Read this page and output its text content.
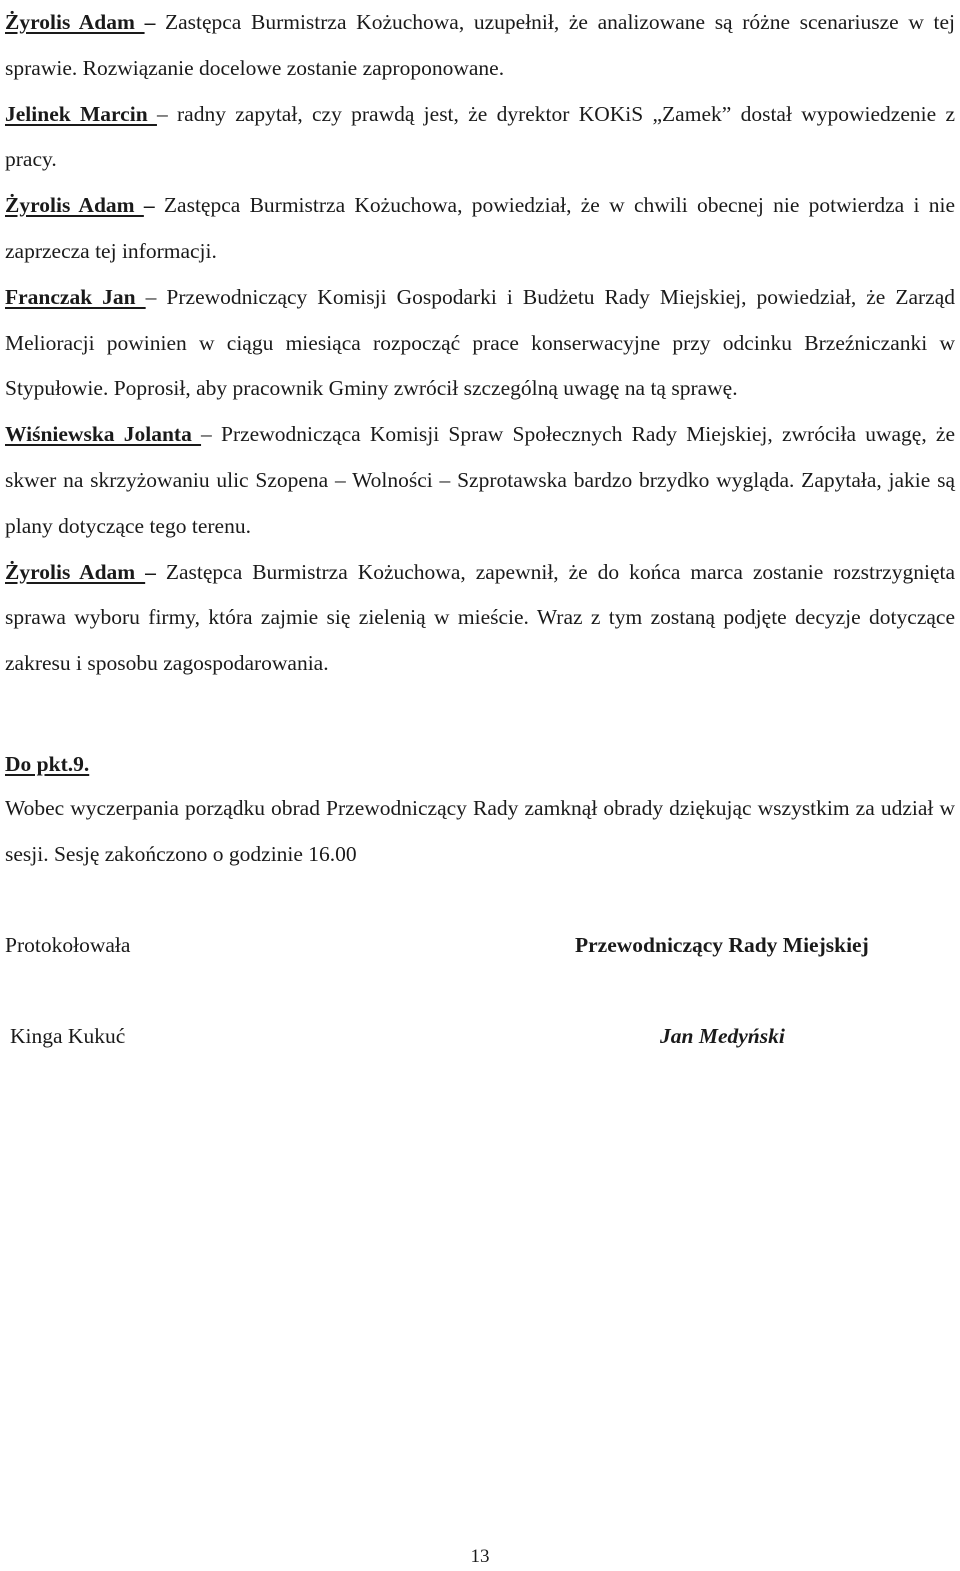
Żyrolis Adam – Zastępca Burmistrza Kożuchowa, uzupełnił, że analizowane są różne scenariusze w tej sprawie. Rozwiązanie docelowe zostanie zaproponowane.

Jelinek Marcin – radny zapytał, czy prawdą jest, że dyrektor KOKiS „Zamek” dostał wypowiedzenie z pracy.

Żyrolis Adam – Zastępca Burmistrza Kożuchowa, powiedział, że w chwili obecnej nie potwierdza i nie zaprzecza tej informacji.

Franczak Jan – Przewodniczący Komisji Gospodarki i Budżetu Rady Miejskiej, powiedział, że Zarząd Melioracji powinien w ciągu miesiąca rozpocząć prace konserwacyjne przy odcinku Brzeźniczanki w Stypułowie. Poprosił, aby pracownik Gminy zwrócił szczególną uwagę na tą sprawę.

Wiśniewska Jolanta – Przewodnicząca Komisji Spraw Społecznych Rady Miejskiej, zwróciła uwagę, że skwer na skrzyżowaniu ulic Szopena – Wolności – Szprotawska bardzo brzydko wygląda. Zapytała, jakie są plany dotyczące tego terenu.

Żyrolis Adam – Zastępca Burmistrza Kożuchowa, zapewnił, że do końca marca zostanie rozstrzygnięta sprawa wyboru firmy, która zajmie się zielenią w mieście. Wraz z tym zostaną podjęte decyzje dotyczące zakresu i sposobu zagospodarowania.

Do pkt.9.

Wobec wyczerpania porządku obrad Przewodniczący Rady zamknął obrady dziękując wszystkim za udział w sesji. Sesję zakończono o godzinie 16.00

Protokołowała	Przewodniczący Rady Miejskiej

Kinga Kukuć	Jan Medyński

13
